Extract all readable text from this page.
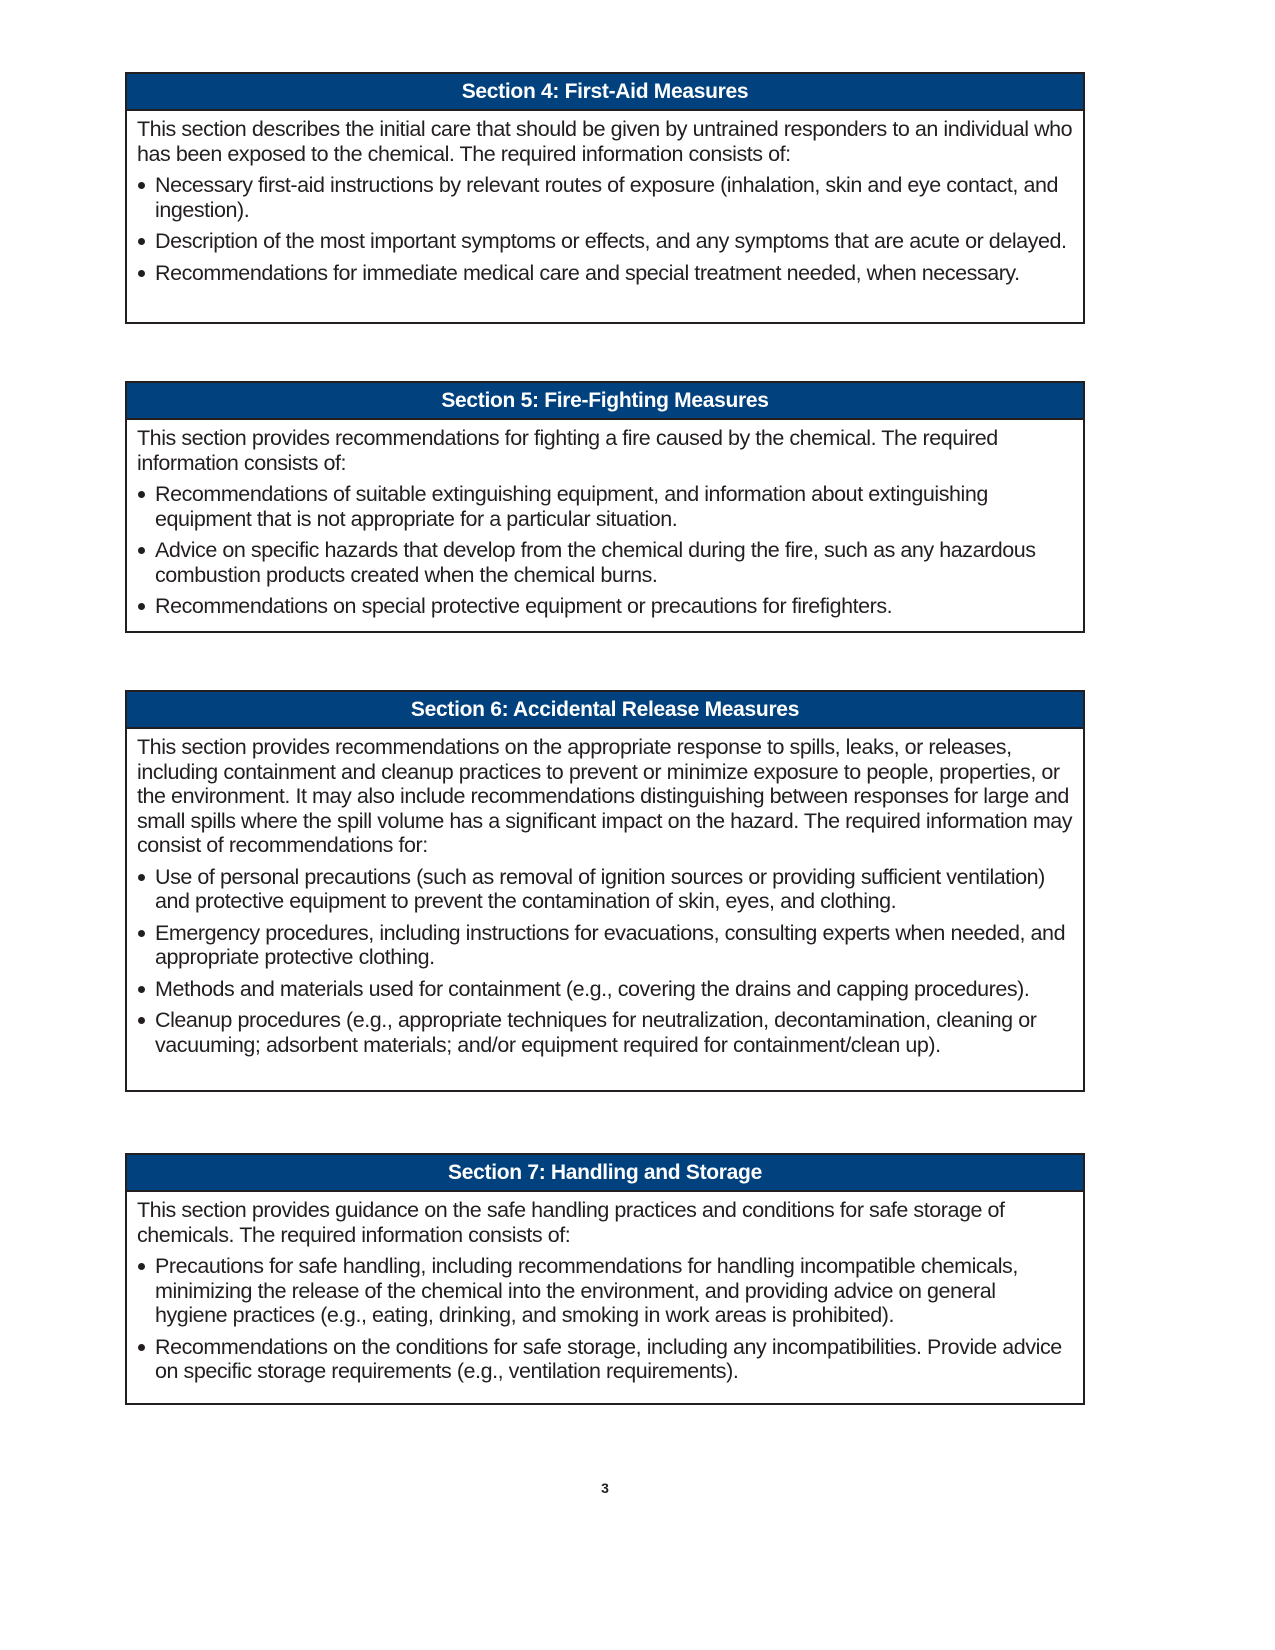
Section 4: First-Aid Measures

This section describes the initial care that should be given by untrained responders to an individual who has been exposed to the chemical. The required information consists of:

Necessary first-aid instructions by relevant routes of exposure (inhalation, skin and eye contact, and ingestion).
Description of the most important symptoms or effects, and any symptoms that are acute or delayed.
Recommendations for immediate medical care and special treatment needed, when necessary.
Section 5: Fire-Fighting Measures

This section provides recommendations for fighting a fire caused by the chemical. The required information consists of:

Recommendations of suitable extinguishing equipment, and information about extinguishing equipment that is not appropriate for a particular situation.
Advice on specific hazards that develop from the chemical during the fire, such as any hazardous combustion products created when the chemical burns.
Recommendations on special protective equipment or precautions for firefighters.
Section 6: Accidental Release Measures

This section provides recommendations on the appropriate response to spills, leaks, or releases, including containment and cleanup practices to prevent or minimize exposure to people, properties, or the environment. It may also include recommendations distinguishing between responses for large and small spills where the spill volume has a significant impact on the hazard. The required information may consist of recommendations for:

Use of personal precautions (such as removal of ignition sources or providing sufficient ventilation) and protective equipment to prevent the contamination of skin, eyes, and clothing.
Emergency procedures, including instructions for evacuations, consulting experts when needed, and appropriate protective clothing.
Methods and materials used for containment (e.g., covering the drains and capping procedures).
Cleanup procedures (e.g., appropriate techniques for neutralization, decontamination, cleaning or vacuuming; adsorbent materials; and/or equipment required for containment/clean up).
Section 7: Handling and Storage

This section provides guidance on the safe handling practices and conditions for safe storage of chemicals. The required information consists of:

Precautions for safe handling, including recommendations for handling incompatible chemicals, minimizing the release of the chemical into the environment, and providing advice on general hygiene practices (e.g., eating, drinking, and smoking in work areas is prohibited).
Recommendations on the conditions for safe storage, including any incompatibilities. Provide advice on specific storage requirements (e.g., ventilation requirements).
3
